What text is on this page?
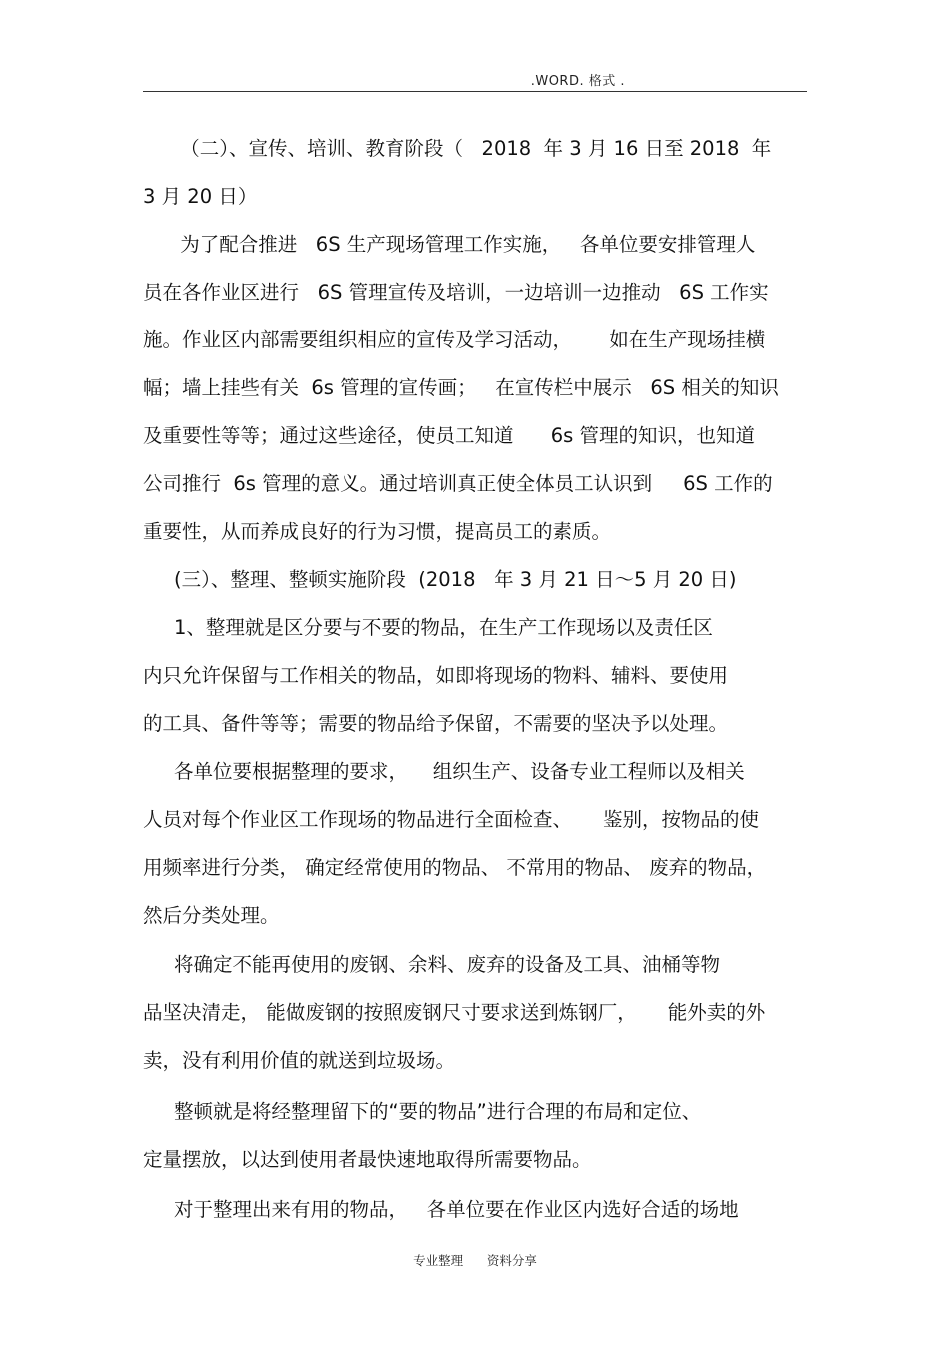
.WORD. 格式 .
（二）、宣传、培训、教育阶段（   2018  年 3 月 16 日至 2018  年
3 月 20 日）
为了配合推进   6S 生产现场管理工作实施，   各单位要安排管理人
员在各作业区进行   6S 管理宣传及培训，一边培训一边推动   6S 工作实
施。作业区内部需要组织相应的宣传及学习活动，      如在生产现场挂横
幅；墙上挂些有关  6s 管理的宣传画；   在宣传栏中展示   6S 相关的知识
及重要性等等；通过这些途径，使员工知道      6s 管理的知识，也知道
公司推行  6s 管理的意义。通过培训真正使全体员工认识到     6S 工作的
重要性，从而养成良好的行为习惯，提高员工的素质。
(三）、整理、整顿实施阶段  (2018   年 3 月 21 日～5 月 20 日)
1、整理就是区分要与不要的物品，在生产工作现场以及责任区
内只允许保留与工作相关的物品，如即将现场的物料、辅料、要使用
的工具、备件等等；需要的物品给予保留，不需要的坚决予以处理。
各单位要根据整理的要求，    组织生产、设备专业工程师以及相关
人员对每个作业区工作现场的物品进行全面检查、     鉴别，按物品的使
用频率进行分类， 确定经常使用的物品、 不常用的物品、 废弃的物品，
然后分类处理。
将确定不能再使用的废钢、余料、废弃的设备及工具、油桶等物
品坚决清走， 能做废钢的按照废钢尺寸要求送到炼钢厂，     能外卖的外
卖，没有利用价值的就送到垃圾场。
整顿就是将经整理留下的“要的物品”进行合理的布局和定位、
定量摆放，以达到使用者最快速地取得所需要物品。
对于整理出来有用的物品，   各单位要在作业区内选好合适的场地
专业整理      资料分享
